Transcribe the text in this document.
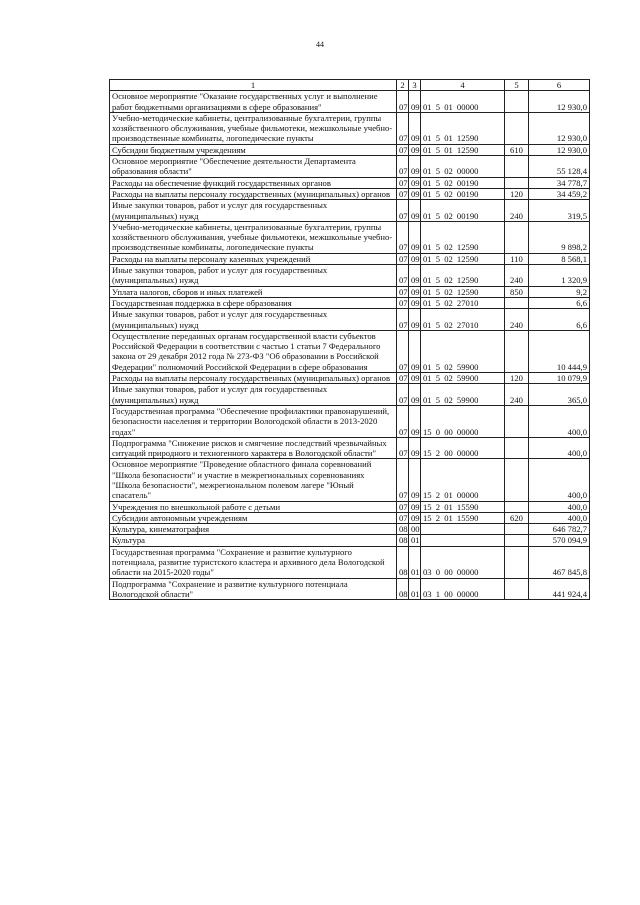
44
1	2	3	4	5	6
Основное мероприятие "Оказание государственных услуг и выполнение работ бюджетными организациями в сфере образования"	07	09	01 5 01 00000		12 930,0
Учебно-методические кабинеты, централизованные бухгалтерии, группы хозяйственного обслуживания, учебные фильмотеки, межшкольные учебно-производственные комбинаты, логопедические пункты	07	09	01 5 01 12590		12 930,0
Субсидии бюджетным учреждениям	07	09	01 5 01 12590	610	12 930,0
Основное мероприятие "Обеспечение деятельности Департамента образования области"	07	09	01 5 02 00000		55 128,4
Расходы на обеспечение функций государственных органов	07	09	01 5 02 00190		34 778,7
Расходы на выплаты персоналу государственных (муниципальных) органов	07	09	01 5 02 00190	120	34 459,2
Иные закупки товаров, работ и услуг для государственных (муниципальных) нужд	07	09	01 5 02 00190	240	319,5
Учебно-методические кабинеты, централизованные бухгалтерии, группы хозяйственного обслуживания, учебные фильмотеки, межшкольные учебно-производственные комбинаты, логопедические пункты	07	09	01 5 02 12590		9 898,2
Расходы на выплаты персоналу казенных учреждений	07	09	01 5 02 12590	110	8 568,1
Иные закупки товаров, работ и услуг для государственных (муниципальных) нужд	07	09	01 5 02 12590	240	1 320,9
Уплата налогов, сборов и иных платежей	07	09	01 5 02 12590	850	9,2
Государственная поддержка в сфере образования	07	09	01 5 02 27010		6,6
Иные закупки товаров, работ и услуг для государственных (муниципальных) нужд	07	09	01 5 02 27010	240	6,6
Осуществление переданных органам государственной власти субъектов Российской Федерации в соответствии с частью 1 статьи 7 Федерального закона от 29 декабря 2012 года № 273-ФЗ "Об образовании в Российской Федерации" полномочий Российской Федерации в сфере образования	07	09	01 5 02 59900		10 444,9
Расходы на выплаты персоналу государственных (муниципальных) органов	07	09	01 5 02 59900	120	10 079,9
Иные закупки товаров, работ и услуг для государственных (муниципальных) нужд	07	09	01 5 02 59900	240	365,0
Государственная программа "Обеспечение профилактики правонарушений, безопасности населения и территории Вологодской области в 2013-2020 годах"	07	09	15 0 00 00000		400,0
Подпрограмма "Снижение рисков и смягчение последствий чрезвычайных ситуаций природного и техногенного характера в Вологодской области"	07	09	15 2 00 00000		400,0
Основное мероприятие "Проведение областного финала соревнований "Школа безопасности" и участие в межрегиональных соревнованиях "Школа безопасности", межрегиональном полевом лагере "Юный спасатель"	07	09	15 2 01 00000		400,0
Учреждения по внешкольной работе с детьми	07	09	15 2 01 15590		400,0
Субсидии автономным учреждениям	07	09	15 2 01 15590	620	400,0
Культура, кинематография	08	00			646 782,7
Культура	08	01			570 094,9
Государственная программа "Сохранение и развитие культурного потенциала, развитие туристского кластера и архивного дела Вологодской области на 2015-2020 годы"	08	01	03 0 00 00000		467 845,8
Подпрограмма "Сохранение и развитие культурного потенциала Вологодской области"	08	01	03 1 00 00000		441 924,4
